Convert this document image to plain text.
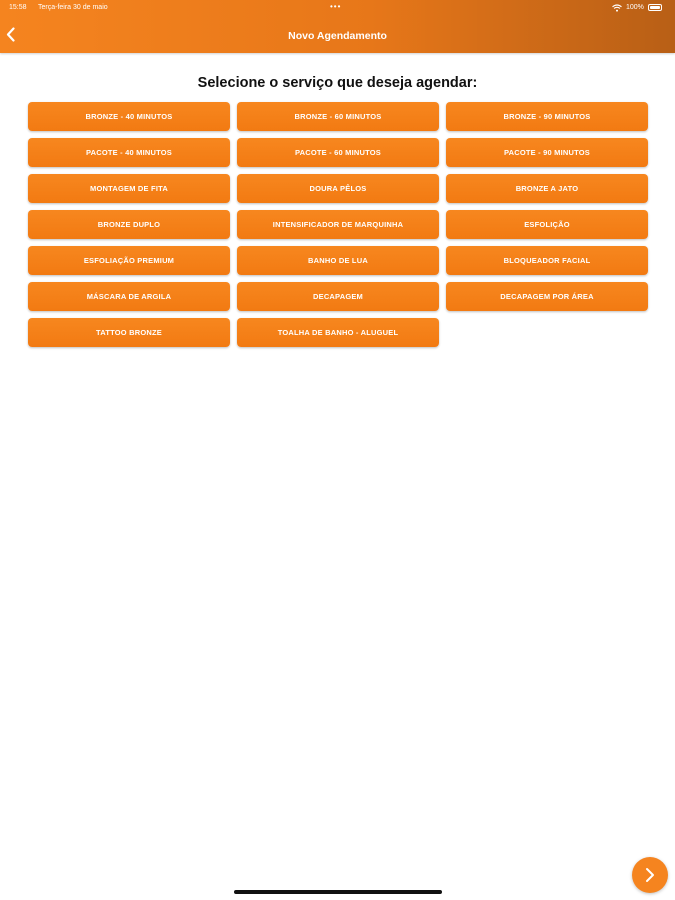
15:58 Terça-feira 30 de maio	•••	100%
Novo Agendamento
Selecione o serviço que deseja agendar:
BRONZE - 40 MINUTOS	BRONZE - 60 MINUTOS	BRONZE - 90 MINUTOS
PACOTE - 40 MINUTOS	PACOTE - 60 MINUTOS	PACOTE - 90 MINUTOS
MONTAGEM DE FITA	DOURA PÊLOS	BRONZE A JATO
BRONZE DUPLO	INTENSIFICADOR DE MARQUINHA	ESFOLIÇÃO
ESFOLIAÇÃO PREMIUM	BANHO DE LUA	BLOQUEADOR FACIAL
MÁSCARA DE ARGILA	DECAPAGEM	DECAPAGEM POR ÁREA
TATTOO BRONZE	TOALHA DE BANHO - ALUGUEL
